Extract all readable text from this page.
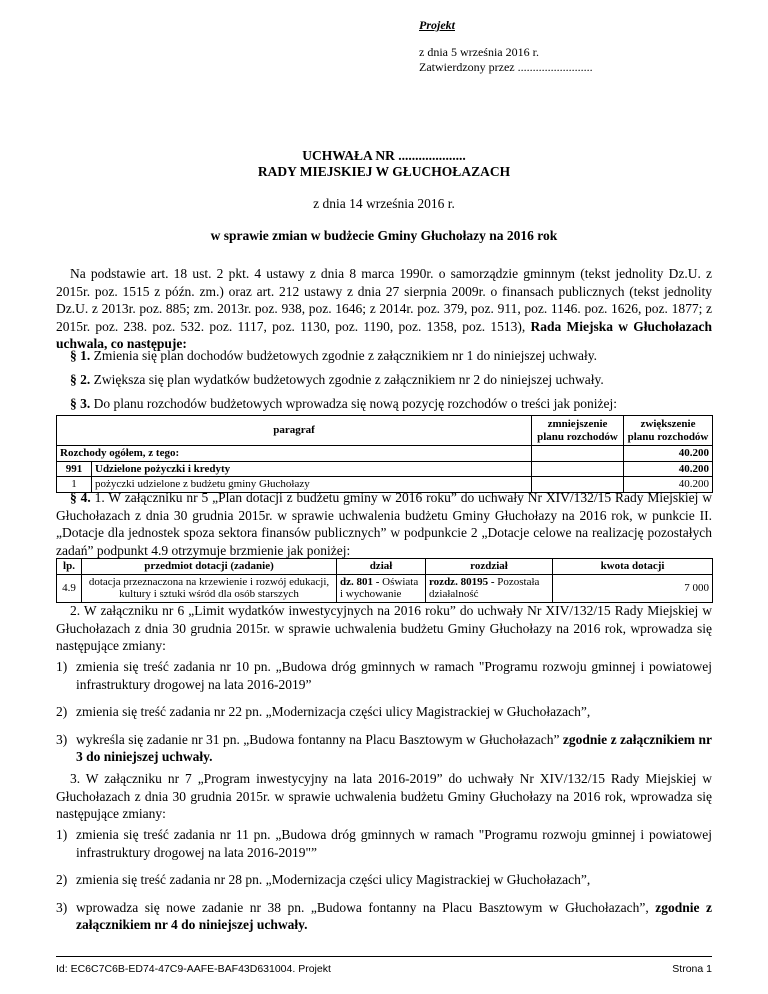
Projekt
z dnia 5 września 2016 r.
Zatwierdzony przez .........................
UCHWAŁA NR ....................
RADY MIEJSKIEJ W GŁUCHOŁAZACH
z dnia 14 września 2016 r.
w sprawie zmian w budżecie Gminy Głuchołazy na 2016 rok
Na podstawie art. 18 ust. 2 pkt. 4 ustawy z dnia 8 marca 1990r. o samorządzie gminnym (tekst jednolity Dz.U. z 2015r. poz. 1515 z późn. zm.) oraz art. 212 ustawy z dnia 27 sierpnia 2009r. o finansach publicznych (tekst jednolity Dz.U. z 2013r. poz. 885; zm. 2013r. poz. 938, poz. 1646; z 2014r. poz. 379, poz. 911, poz. 1146. poz. 1626, poz. 1877; z 2015r. poz. 238. poz. 532. poz. 1117, poz. 1130, poz. 1190, poz. 1358, poz. 1513), Rada Miejska w Głuchołazach uchwala, co następuje:
§ 1. Zmienia się plan dochodów budżetowych zgodnie z załącznikiem nr 1 do niniejszej uchwały.
§ 2. Zwiększa się plan wydatków budżetowych zgodnie z załącznikiem nr 2 do niniejszej uchwały.
§ 3. Do planu rozchodów budżetowych wprowadza się nową pozycję rozchodów o treści jak poniżej:
paragraf		zmniejszenie planu rozchodów	zwiększenie planu rozchodów
Rozchody ogółem, z tego:			40.200
991	Udzielone pożyczki i kredyty		40.200
1	pożyczki udzielone z budżetu gminy Głuchołazy		40.200
§ 4. 1. W załączniku nr 5 „Plan dotacji z budżetu gminy w 2016 roku” do uchwały Nr XIV/132/15 Rady Miejskiej w Głuchołazach z dnia 30 grudnia 2015r. w sprawie uchwalenia budżetu Gminy Głuchołazy na 2016 rok, w punkcie II. „Dotacje dla jednostek spoza sektora finansów publicznych” w podpunkcie 2 „Dotacje celowe na realizację pozostałych zadań” podpunkt 4.9 otrzymuje brzmienie jak poniżej:
lp.	przedmiot dotacji (zadanie)	dział	rozdział	kwota dotacji
4.9	dotacja przeznaczona na krzewienie i rozwój edukacji, kultury i sztuki wśród dla osób starszych	dz. 801 - Oświata i wychowanie	rozdz. 80195 - Pozostała działalność	7 000
2. W załączniku nr 6 „Limit wydatków inwestycyjnych na 2016 roku” do uchwały Nr XIV/132/15 Rady Miejskiej w Głuchołazach z dnia 30 grudnia 2015r. w sprawie uchwalenia budżetu Gminy Głuchołazy na 2016 rok, wprowadza się następujące zmiany:
1) zmienia się treść zadania nr 10 pn. „Budowa dróg gminnych w ramach "Programu rozwoju gminnej i powiatowej infrastruktury drogowej na lata 2016-2019”
2) zmienia się treść zadania nr 22 pn. „Modernizacja części ulicy Magistrackiej w Głuchołazach”,
3) wykreśla się zadanie nr 31 pn. „Budowa fontanny na Placu Basztowym w Głuchołazach” zgodnie z załącznikiem nr 3 do niniejszej uchwały.
3. W załączniku nr 7 „Program inwestycyjny na lata 2016-2019” do uchwały Nr XIV/132/15 Rady Miejskiej w Głuchołazach z dnia 30 grudnia 2015r. w sprawie uchwalenia budżetu Gminy Głuchołazy na 2016 rok, wprowadza się następujące zmiany:
1) zmienia się treść zadania nr 11 pn. „Budowa dróg gminnych w ramach "Programu rozwoju gminnej i powiatowej infrastruktury drogowej na lata 2016-2019"”
2) zmienia się treść zadania nr 28 pn. „Modernizacja części ulicy Magistrackiej w Głuchołazach”,
3) wprowadza się nowe zadanie nr 38 pn. „Budowa fontanny na Placu Basztowym w Głuchołazach”, zgodnie z załącznikiem nr 4 do niniejszej uchwały.
Id: EC6C7C6B-ED74-47C9-AAFE-BAF43D631004. Projekt	Strona 1
